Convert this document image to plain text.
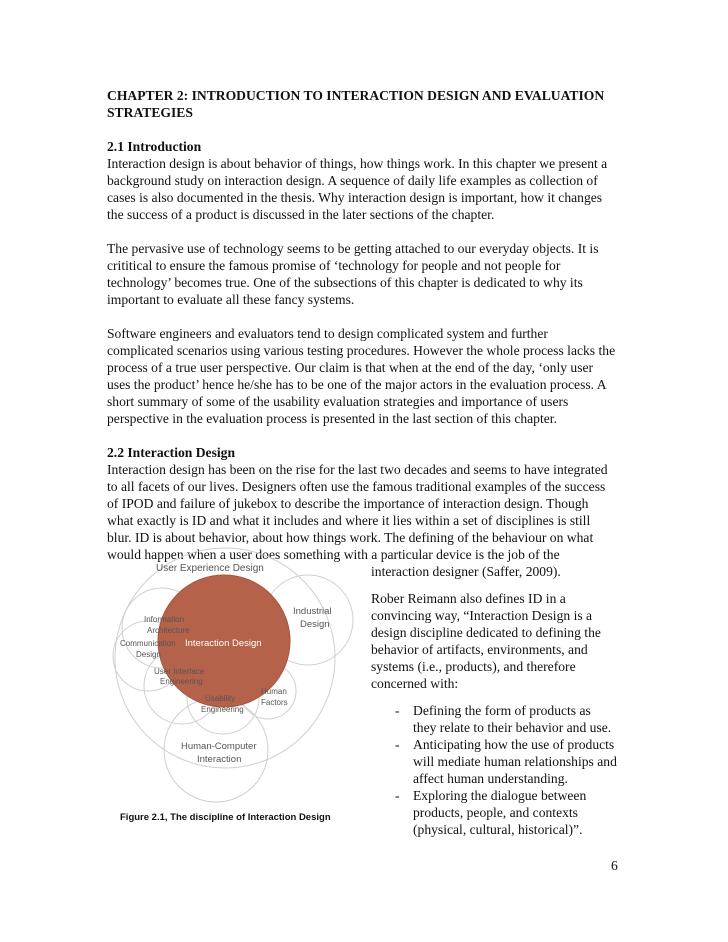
CHAPTER 2: INTRODUCTION TO INTERACTION DESIGN AND EVALUATION
STRATEGIES
2.1 Introduction
Interaction design is about behavior of things, how things work. In this chapter we present a
background study on interaction design. A sequence of daily life examples as collection of
cases is also documented in the thesis. Why interaction design is important, how it changes
the success of a product is discussed in the later sections of the chapter.
The pervasive use of technology seems to be getting attached to our everyday objects. It is
crititical to ensure the famous promise of ‘technology for people and not people for
technology’ becomes true. One of the subsections of this chapter is dedicated to why its
important to evaluate all these fancy systems.
Software engineers and evaluators tend to design complicated system and further
complicated scenarios using various testing procedures. However the whole process lacks the
process of a true user perspective. Our claim is that when at the end of the day, ‘only user
uses the product’ hence he/she has to be one of the major actors in the evaluation process. A
short summary of some of the usability evaluation strategies and importance of users
perspective in the evaluation process is presented in the last section of this chapter.
2.2 Interaction Design
Interaction design has been on the rise for the last two decades and seems to have integrated
to all facets of our lives. Designers often use the famous traditional examples of the success
of IPOD and failure of jukebox to describe the importance of interaction design. Though
what exactly is ID and what it includes and where it lies within a set of disciplines is still
blur. ID is about behavior, about how things work. The defining of the behaviour on what
would happen when a user does something with a particular device is the job of the
interaction designer (Saffer, 2009).
Rober Reimann also defines ID in a
convincing way, “Interaction Design is a
design discipline dedicated to defining the
behavior of artifacts, environments, and
systems (i.e., products), and therefore
concerned with:
- Defining the form of products as
they relate to their behavior and use.
- Anticipating how the use of products
will mediate human relationships and
affect human understanding.
- Exploring the dialogue between
products, people, and contexts
(physical, cultural, historical)”.
User Experience Design
Information
Architecture
Industrial
Design
Communication
Design
User Interface
Engineering
Usability
Engineering
Human
Factors
Human-Computer
Interaction
Interaction Design
Figure 2.1, The discipline of Interaction Design
6
